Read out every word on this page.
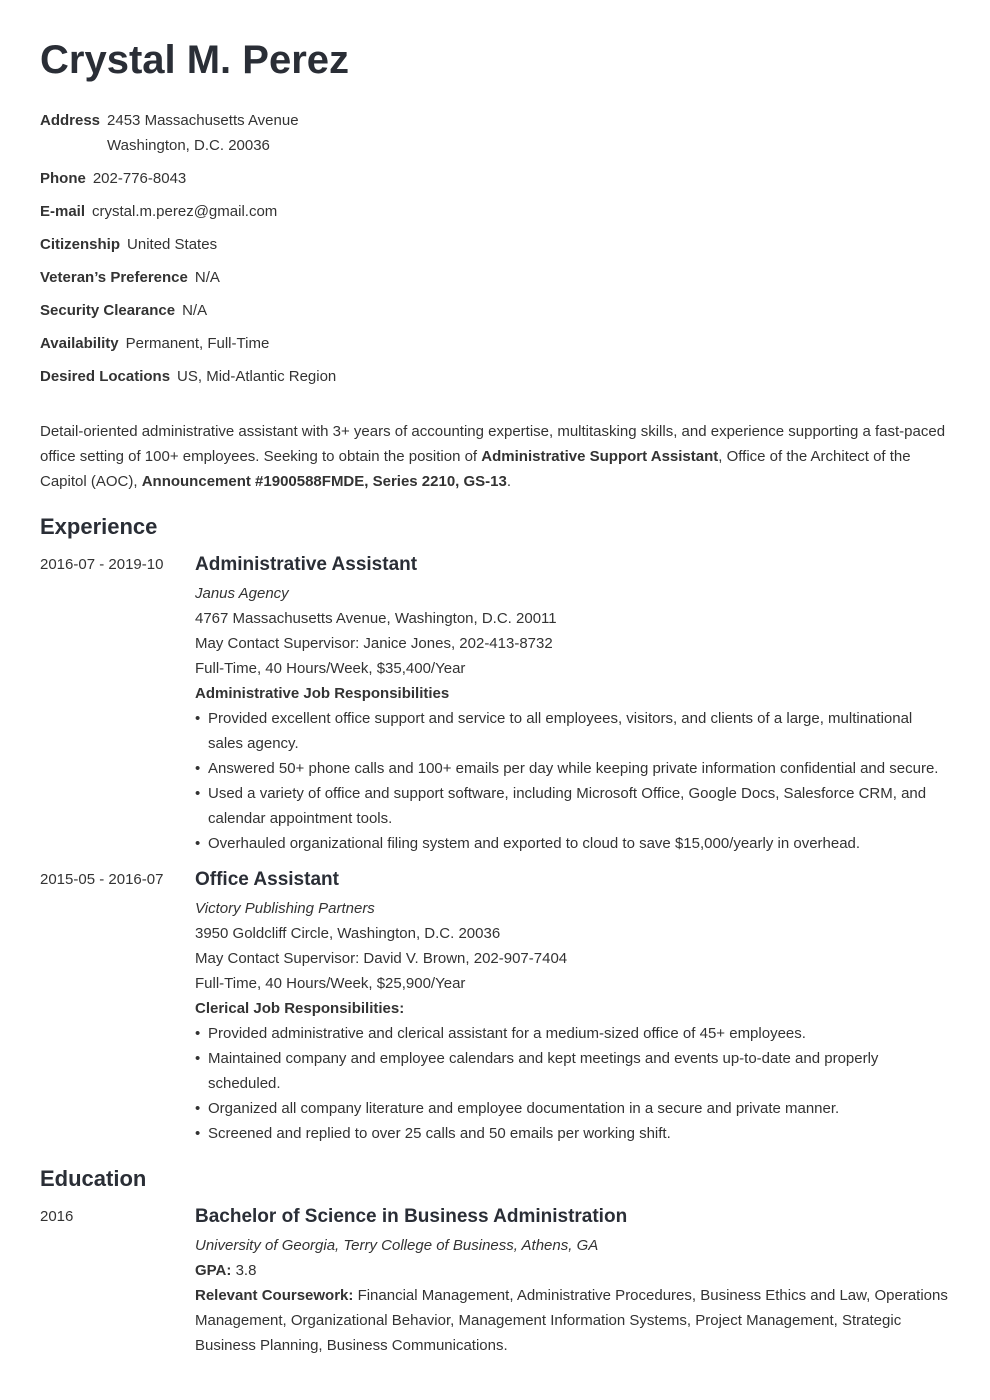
Crystal M. Perez
Address 2453 Massachusetts Avenue
Washington, D.C. 20036
Phone 202-776-8043
E-mail crystal.m.perez@gmail.com
Citizenship United States
Veteran’s Preference N/A
Security Clearance N/A
Availability Permanent, Full-Time
Desired Locations US, Mid-Atlantic Region
Detail-oriented administrative assistant with 3+ years of accounting expertise, multitasking skills, and experience supporting a fast-paced office setting of 100+ employees. Seeking to obtain the position of Administrative Support Assistant, Office of the Architect of the Capitol (AOC), Announcement #1900588FMDE, Series 2210, GS-13.
Experience
2016-07 - 2019-10	Administrative Assistant
Janus Agency
4767 Massachusetts Avenue, Washington, D.C. 20011
May Contact Supervisor: Janice Jones, 202-413-8732
Full-Time, 40 Hours/Week, $35,400/Year
Administrative Job Responsibilities
• Provided excellent office support and service to all employees, visitors, and clients of a large, multinational sales agency.
• Answered 50+ phone calls and 100+ emails per day while keeping private information confidential and secure.
• Used a variety of office and support software, including Microsoft Office, Google Docs, Salesforce CRM, and calendar appointment tools.
• Overhauled organizational filing system and exported to cloud to save $15,000/yearly in overhead.
2015-05 - 2016-07	Office Assistant
Victory Publishing Partners
3950 Goldcliff Circle, Washington, D.C. 20036
May Contact Supervisor: David V. Brown, 202-907-7404
Full-Time, 40 Hours/Week, $25,900/Year
Clerical Job Responsibilities:
• Provided administrative and clerical assistant for a medium-sized office of 45+ employees.
• Maintained company and employee calendars and kept meetings and events up-to-date and properly scheduled.
• Organized all company literature and employee documentation in a secure and private manner.
• Screened and replied to over 25 calls and 50 emails per working shift.
Education
2016	Bachelor of Science in Business Administration
University of Georgia, Terry College of Business, Athens, GA
GPA: 3.8
Relevant Coursework: Financial Management, Administrative Procedures, Business Ethics and Law, Operations Management, Organizational Behavior, Management Information Systems, Project Management, Strategic Business Planning, Business Communications.
